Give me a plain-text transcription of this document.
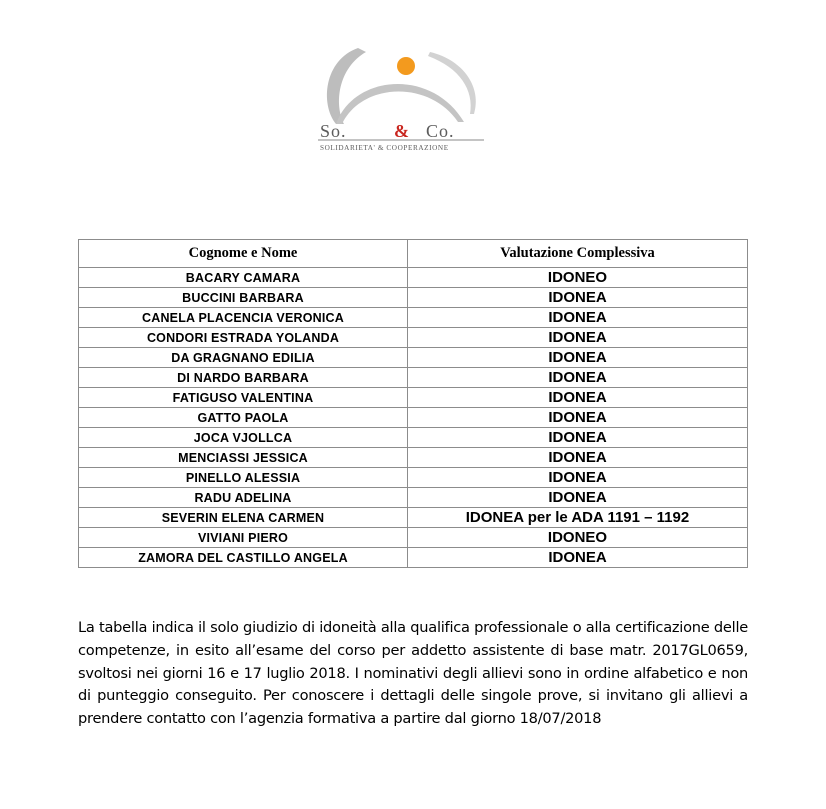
So.	& Co.
SOLIDARIETA' & COOPERAZIONE
Cognome e Nome	Valutazione Complessiva
BACARY CAMARA	IDONEO
BUCCINI BARBARA	IDONEA
CANELA PLACENCIA VERONICA	IDONEA
CONDORI ESTRADA YOLANDA	IDONEA
DA GRAGNANO EDILIA	IDONEA
DI NARDO BARBARA	IDONEA
FATIGUSO VALENTINA	IDONEA
GATTO PAOLA	IDONEA
JOCA VJOLLCA	IDONEA
MENCIASSI JESSICA	IDONEA
PINELLO ALESSIA	IDONEA
RADU ADELINA	IDONEA
SEVERIN ELENA CARMEN	IDONEA per le ADA 1191 – 1192
VIVIANI PIERO	IDONEO
ZAMORA DEL CASTILLO ANGELA	IDONEA

La tabella indica il solo giudizio di idoneità alla qualifica professionale o alla certificazione delle competenze, in esito all’esame del corso per addetto assistente di base matr. 2017GL0659, svoltosi nei giorni 16 e 17 luglio 2018. I nominativi degli allievi sono in ordine alfabetico e non di punteggio conseguito. Per conoscere i dettagli delle singole prove, si invitano gli allievi a prendere contatto con l’agenzia formativa a partire dal giorno 18/07/2018
